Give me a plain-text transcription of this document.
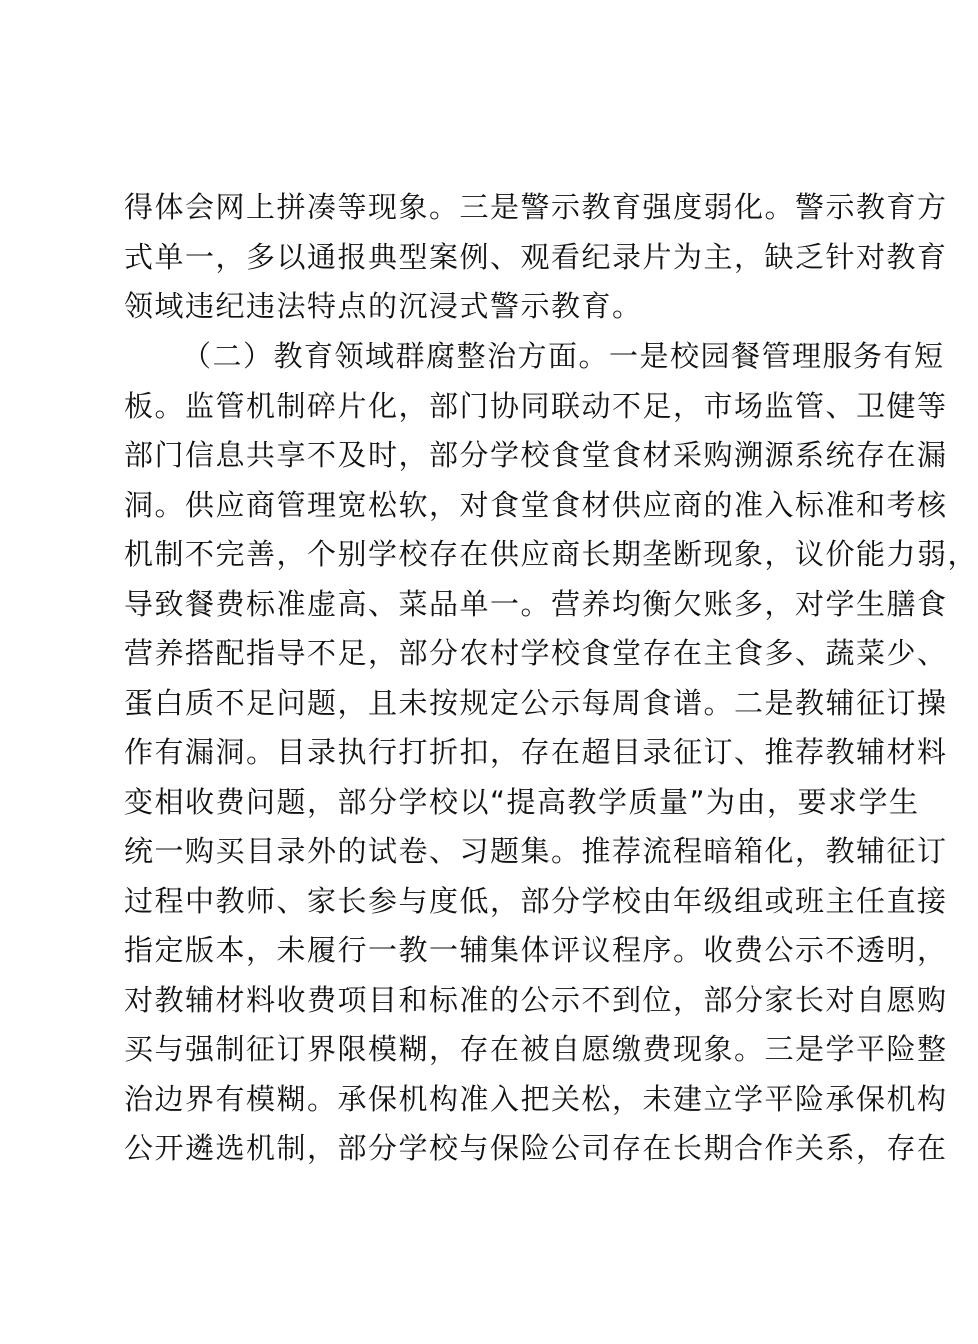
得体会网上拼凑等现象。三是警示教育强度弱化。警示教育方
式单一，多以通报典型案例、观看纪录片为主，缺乏针对教育
领域违纪违法特点的沉浸式警示教育。
（二）教育领域群腐整治方面。一是校园餐管理服务有短
板。监管机制碎片化，部门协同联动不足，市场监管、卫健等
部门信息共享不及时，部分学校食堂食材采购溯源系统存在漏
洞。供应商管理宽松软，对食堂食材供应商的准入标准和考核
机制不完善，个别学校存在供应商长期垄断现象，议价能力弱，
导致餐费标准虚高、菜品单一。营养均衡欠账多，对学生膳食
营养搭配指导不足，部分农村学校食堂存在主食多、蔬菜少、
蛋白质不足问题，且未按规定公示每周食谱。二是教辅征订操
作有漏洞。目录执行打折扣，存在超目录征订、推荐教辅材料
变相收费问题，部分学校以“提高教学质量”为由，要求学生
统一购买目录外的试卷、习题集。推荐流程暗箱化，教辅征订
过程中教师、家长参与度低，部分学校由年级组或班主任直接
指定版本，未履行一教一辅集体评议程序。收费公示不透明，
对教辅材料收费项目和标准的公示不到位，部分家长对自愿购
买与强制征订界限模糊，存在被自愿缴费现象。三是学平险整
治边界有模糊。承保机构准入把关松，未建立学平险承保机构
公开遴选机制，部分学校与保险公司存在长期合作关系，存在
